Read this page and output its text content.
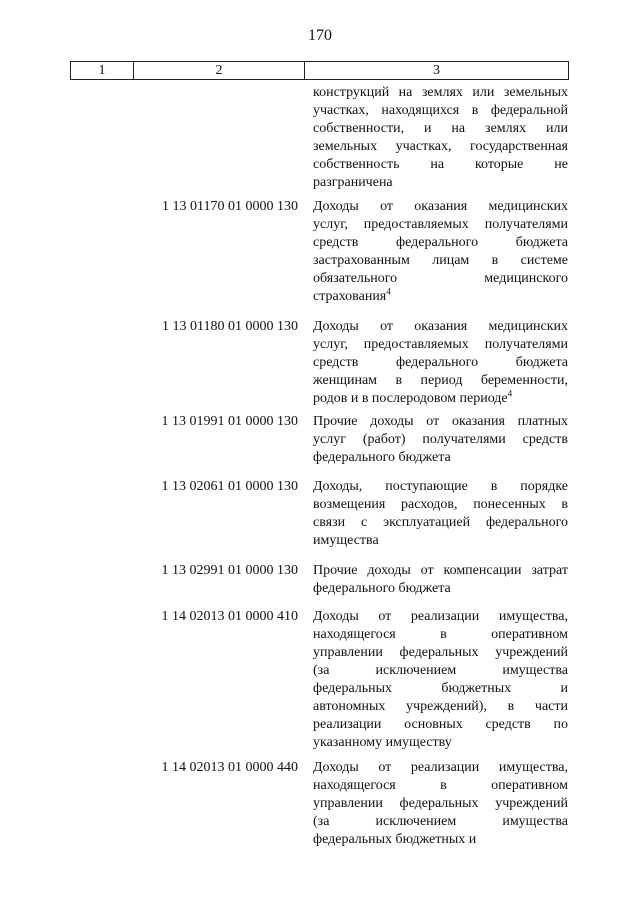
170
1	2	3
конструкций на землях или земельных
участках, находящихся в федеральной
собственности, и на землях или
земельных участках, государственная
собственность на которые не
разграничена
1 13 01170 01 0000 130 Доходы от оказания медицинских
услуг, предоставляемых получателями
средств федерального бюджета
застрахованным лицам в системе
обязательного медицинского
страхования$^4$
1 13 01180 01 0000 130 Доходы от оказания медицинских
услуг, предоставляемых получателями
средств федерального бюджета
женщинам в период беременности,
родов и в послеродовом периоде$^4$
1 13 01991 01 0000 130 Прочие доходы от оказания платных
услуг (работ) получателями средств
федерального бюджета
1 13 02061 01 0000 130 Доходы, поступающие в порядке
возмещения расходов, понесенных в
связи с эксплуатацией федерального
имущества
1 13 02991 01 0000 130 Прочие доходы от компенсации затрат
федерального бюджета
1 14 02013 01 0000 410 Доходы от реализации имущества,
находящегося в оперативном
управлении федеральных учреждений
(за исключением имущества
федеральных бюджетных и
автономных учреждений), в части
реализации основных средств по
указанному имуществу
1 14 02013 01 0000 440 Доходы от реализации имущества,
находящегося в оперативном
управлении федеральных учреждений
(за исключением имущества
федеральных бюджетных и
